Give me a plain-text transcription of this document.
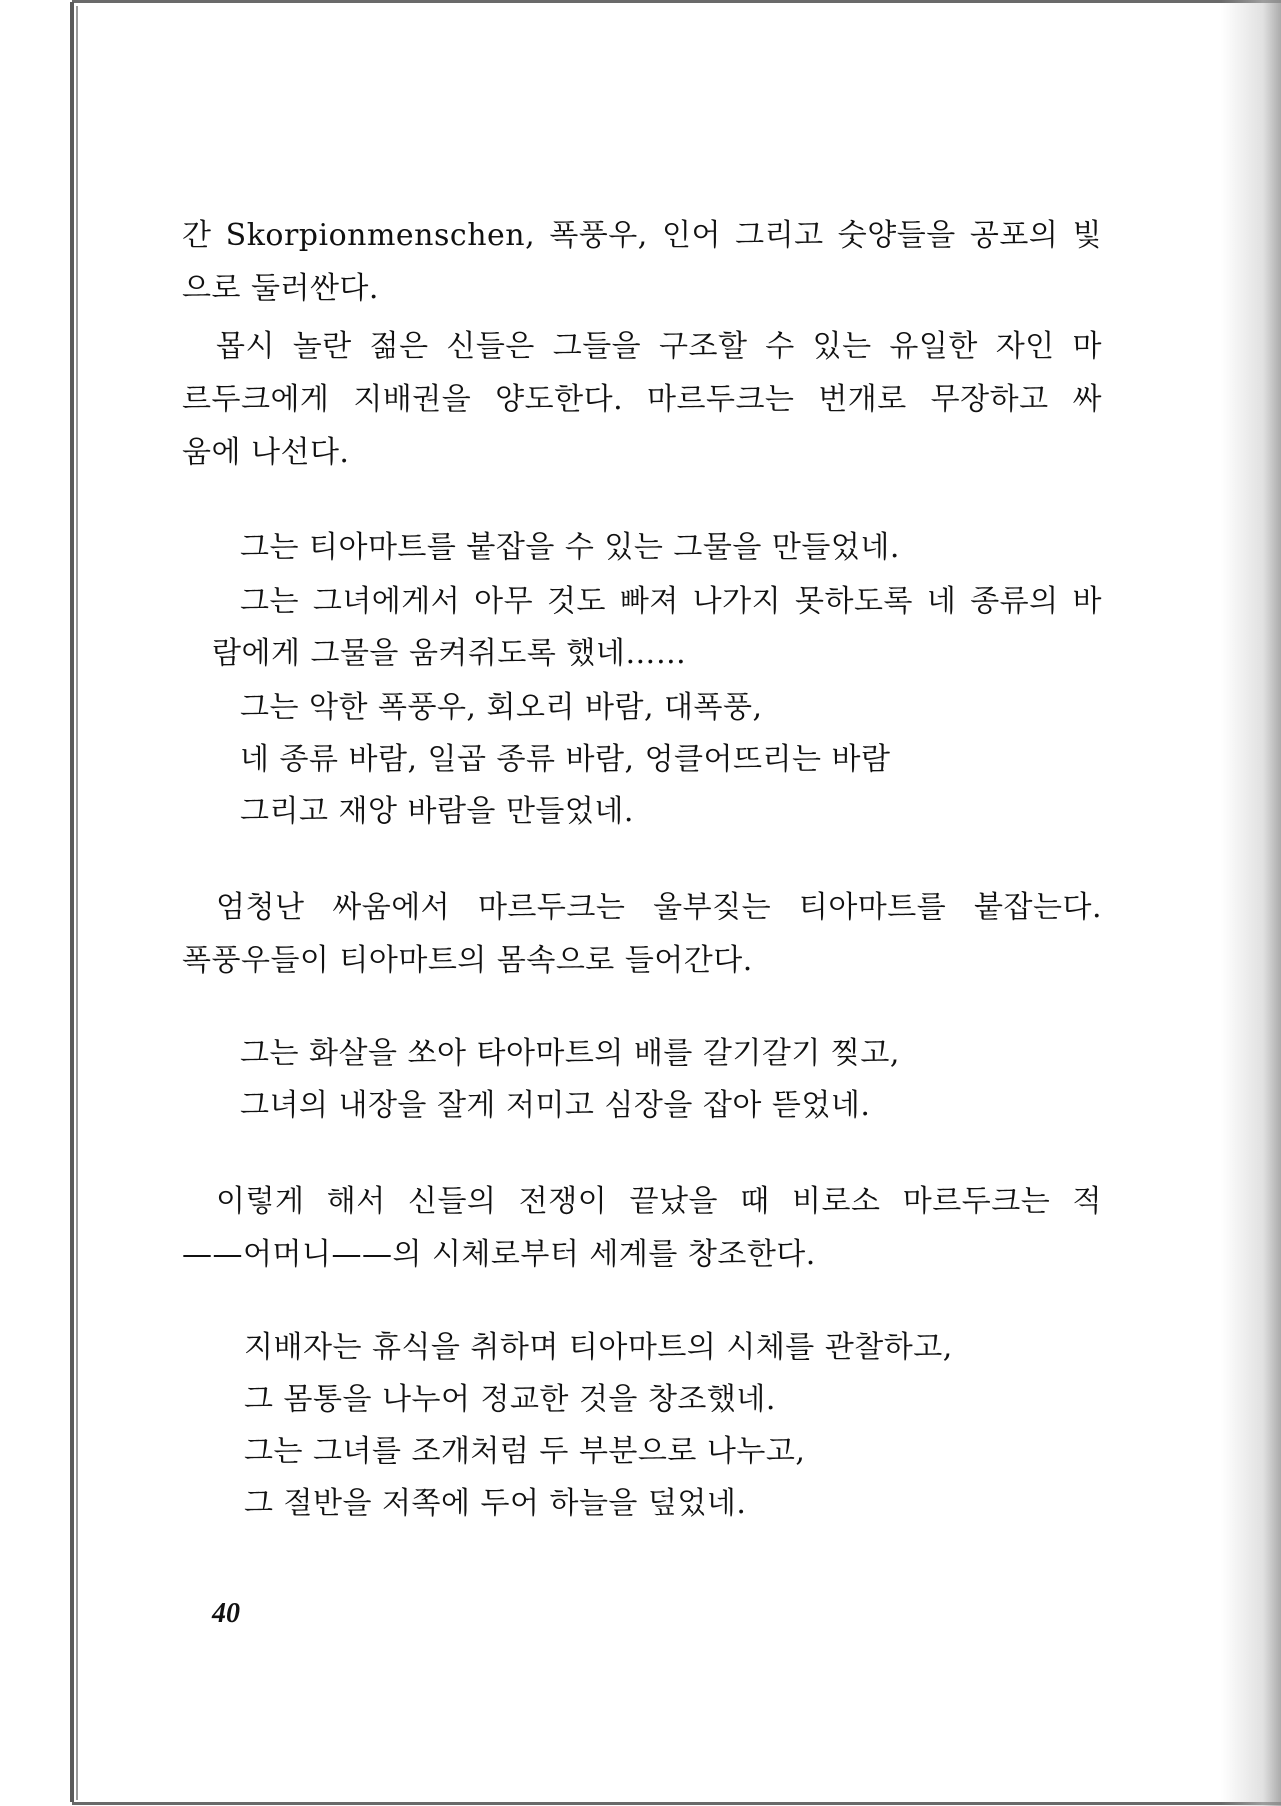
간 Skorpionmenschen, 폭풍우, 인어 그리고 숫양들을 공포의 빛
으로 둘러싼다.
몹시 놀란 젊은 신들은 그들을 구조할 수 있는 유일한 자인 마
르두크에게 지배권을 양도한다. 마르두크는 번개로 무장하고 싸
움에 나선다.
그는 티아마트를 붙잡을 수 있는 그물을 만들었네.
그는 그녀에게서 아무 것도 빠져 나가지 못하도록 네 종류의 바
람에게 그물을 움켜쥐도록 했네……
그는 악한 폭풍우, 회오리 바람, 대폭풍,
네 종류 바람, 일곱 종류 바람, 엉클어뜨리는 바람
그리고 재앙 바람을 만들었네.
엄청난 싸움에서 마르두크는 울부짖는 티아마트를 붙잡는다.
폭풍우들이 티아마트의 몸속으로 들어간다.
그는 화살을 쏘아 타아마트의 배를 갈기갈기 찢고,
그녀의 내장을 잘게 저미고 심장을 잡아 뜯었네.
이렇게 해서 신들의 전쟁이 끝났을 때 비로소 마르두크는 적
——어머니——의 시체로부터 세계를 창조한다.
지배자는 휴식을 취하며 티아마트의 시체를 관찰하고,
그 몸통을 나누어 정교한 것을 창조했네.
그는 그녀를 조개처럼 두 부분으로 나누고,
그 절반을 저쪽에 두어 하늘을 덮었네.
40
